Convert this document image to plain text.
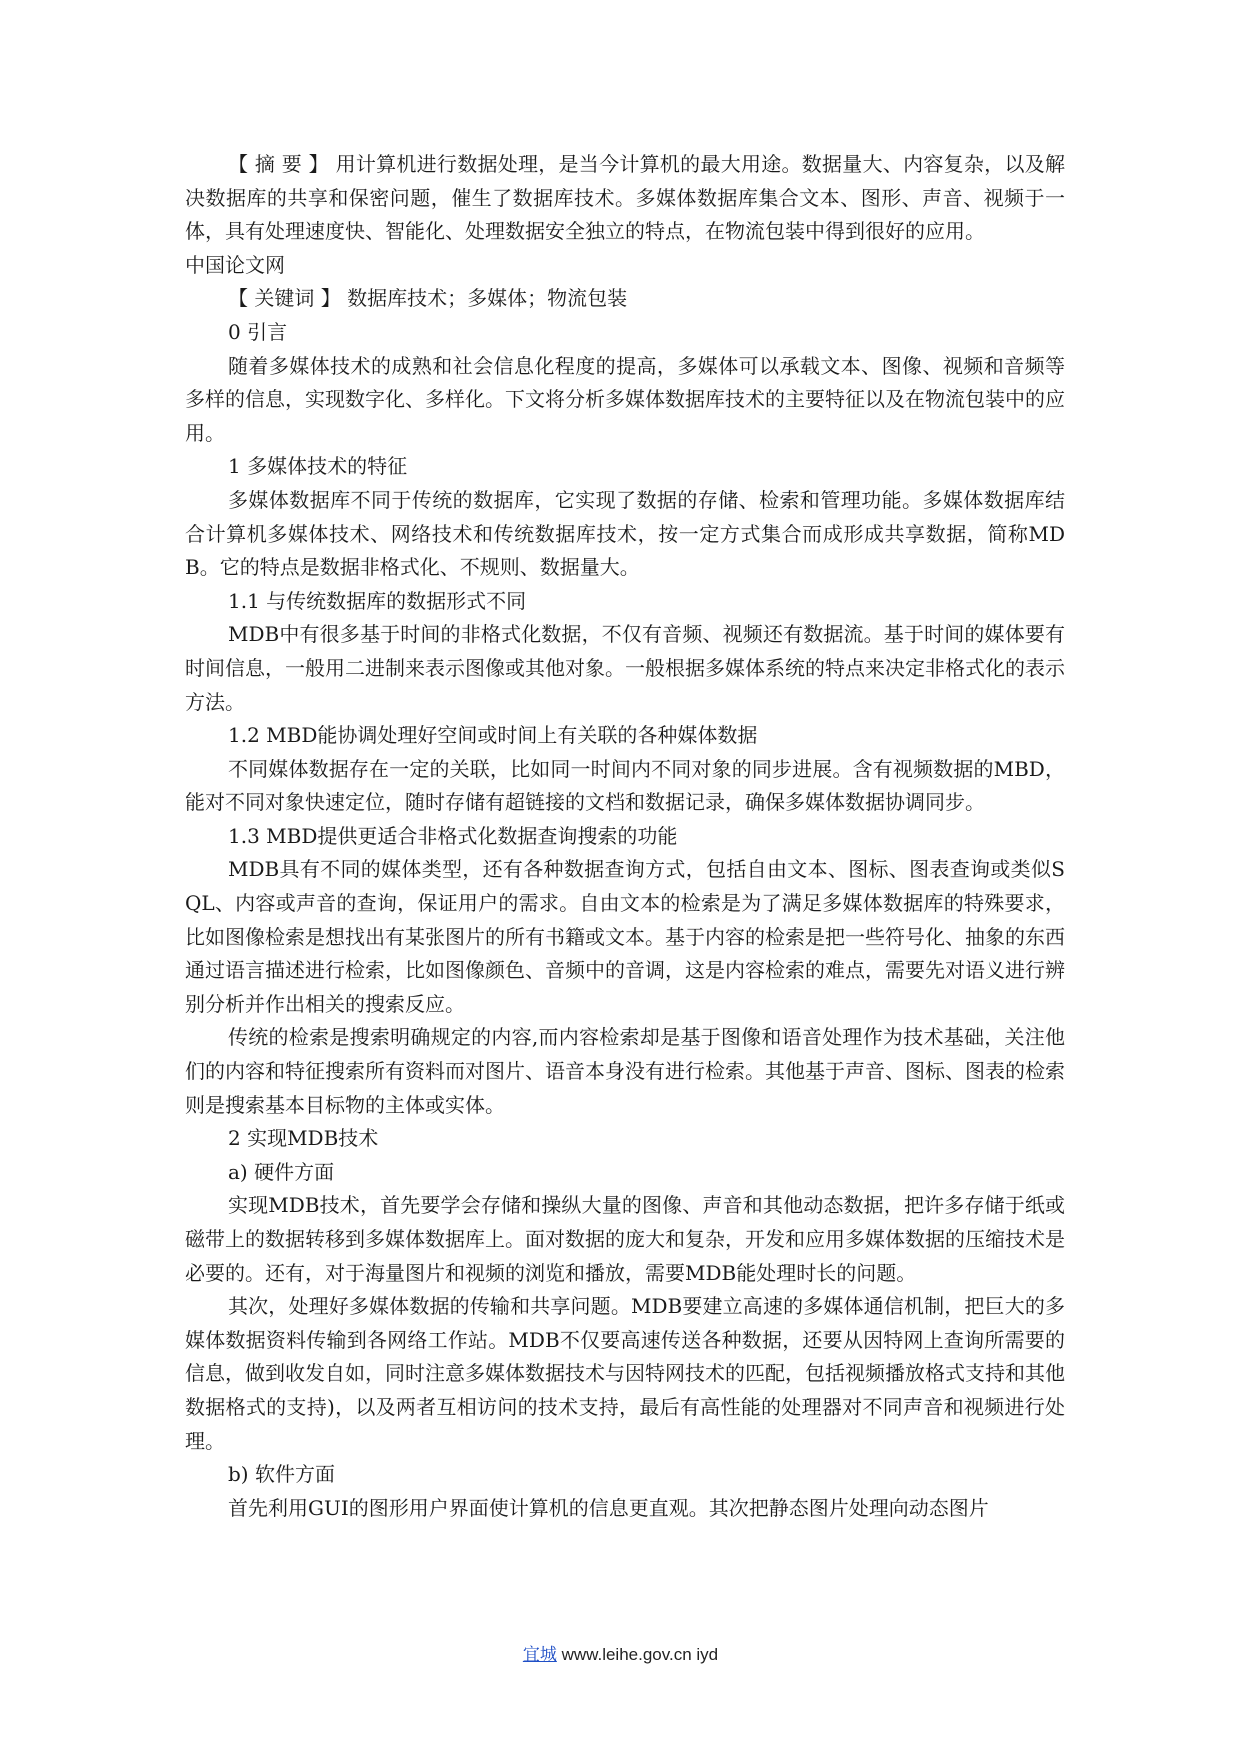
【 摘 要 】 用计算机进行数据处理，是当今计算机的最大用途。数据量大、内容复杂，以及解决数据库的共享和保密问题，催生了数据库技术。多媒体数据库集合文本、图形、声音、视频于一体，具有处理速度快、智能化、处理数据安全独立的特点，在物流包装中得到很好的应用。

中国论文网

【 关键词 】 数据库技术；多媒体；物流包装

0 引言

随着多媒体技术的成熟和社会信息化程度的提高，多媒体可以承载文本、图像、视频和音频等多样的信息，实现数字化、多样化。下文将分析多媒体数据库技术的主要特征以及在物流包装中的应用。

1 多媒体技术的特征

多媒体数据库不同于传统的数据库，它实现了数据的存储、检索和管理功能。多媒体数据库结合计算机多媒体技术、网络技术和传统数据库技术，按一定方式集合而成形成共享数据，简称MDB。它的特点是数据非格式化、不规则、数据量大。

1.1 与传统数据库的数据形式不同

MDB中有很多基于时间的非格式化数据，不仅有音频、视频还有数据流。基于时间的媒体要有时间信息，一般用二进制来表示图像或其他对象。一般根据多媒体系统的特点来决定非格式化的表示方法。

1.2 MBD能协调处理好空间或时间上有关联的各种媒体数据

不同媒体数据存在一定的关联，比如同一时间内不同对象的同步进展。含有视频数据的MBD，能对不同对象快速定位，随时存储有超链接的文档和数据记录，确保多媒体数据协调同步。

1.3 MBD提供更适合非格式化数据查询搜索的功能

MDB具有不同的媒体类型，还有各种数据查询方式，包括自由文本、图标、图表查询或类似SQL、内容或声音的查询，保证用户的需求。自由文本的检索是为了满足多媒体数据库的特殊要求，比如图像检索是想找出有某张图片的所有书籍或文本。基于内容的检索是把一些符号化、抽象的东西通过语言描述进行检索，比如图像颜色、音频中的音调，这是内容检索的难点，需要先对语义进行辨别分析并作出相关的搜索反应。

传统的检索是搜索明确规定的内容,而内容检索却是基于图像和语音处理作为技术基础，关注他们的内容和特征搜索所有资料而对图片、语音本身没有进行检索。其他基于声音、图标、图表的检索则是搜索基本目标物的主体或实体。

2 实现MDB技术

a) 硬件方面

实现MDB技术，首先要学会存储和操纵大量的图像、声音和其他动态数据，把许多存储于纸或磁带上的数据转移到多媒体数据库上。面对数据的庞大和复杂，开发和应用多媒体数据的压缩技术是必要的。还有，对于海量图片和视频的浏览和播放，需要MDB能处理时长的问题。

其次，处理好多媒体数据的传输和共享问题。MDB要建立高速的多媒体通信机制，把巨大的多媒体数据资料传输到各网络工作站。MDB不仅要高速传送各种数据，还要从因特网上查询所需要的信息，做到收发自如，同时注意多媒体数据技术与因特网技术的匹配，包括视频播放格式支持和其他数据格式的支持)，以及两者互相访问的技术支持，最后有高性能的处理器对不同声音和视频进行处理。

b) 软件方面

首先利用GUI的图形用户界面使计算机的信息更直观。其次把静态图片处理向动态图片

宜城 www.leihe.gov.cn iyd
